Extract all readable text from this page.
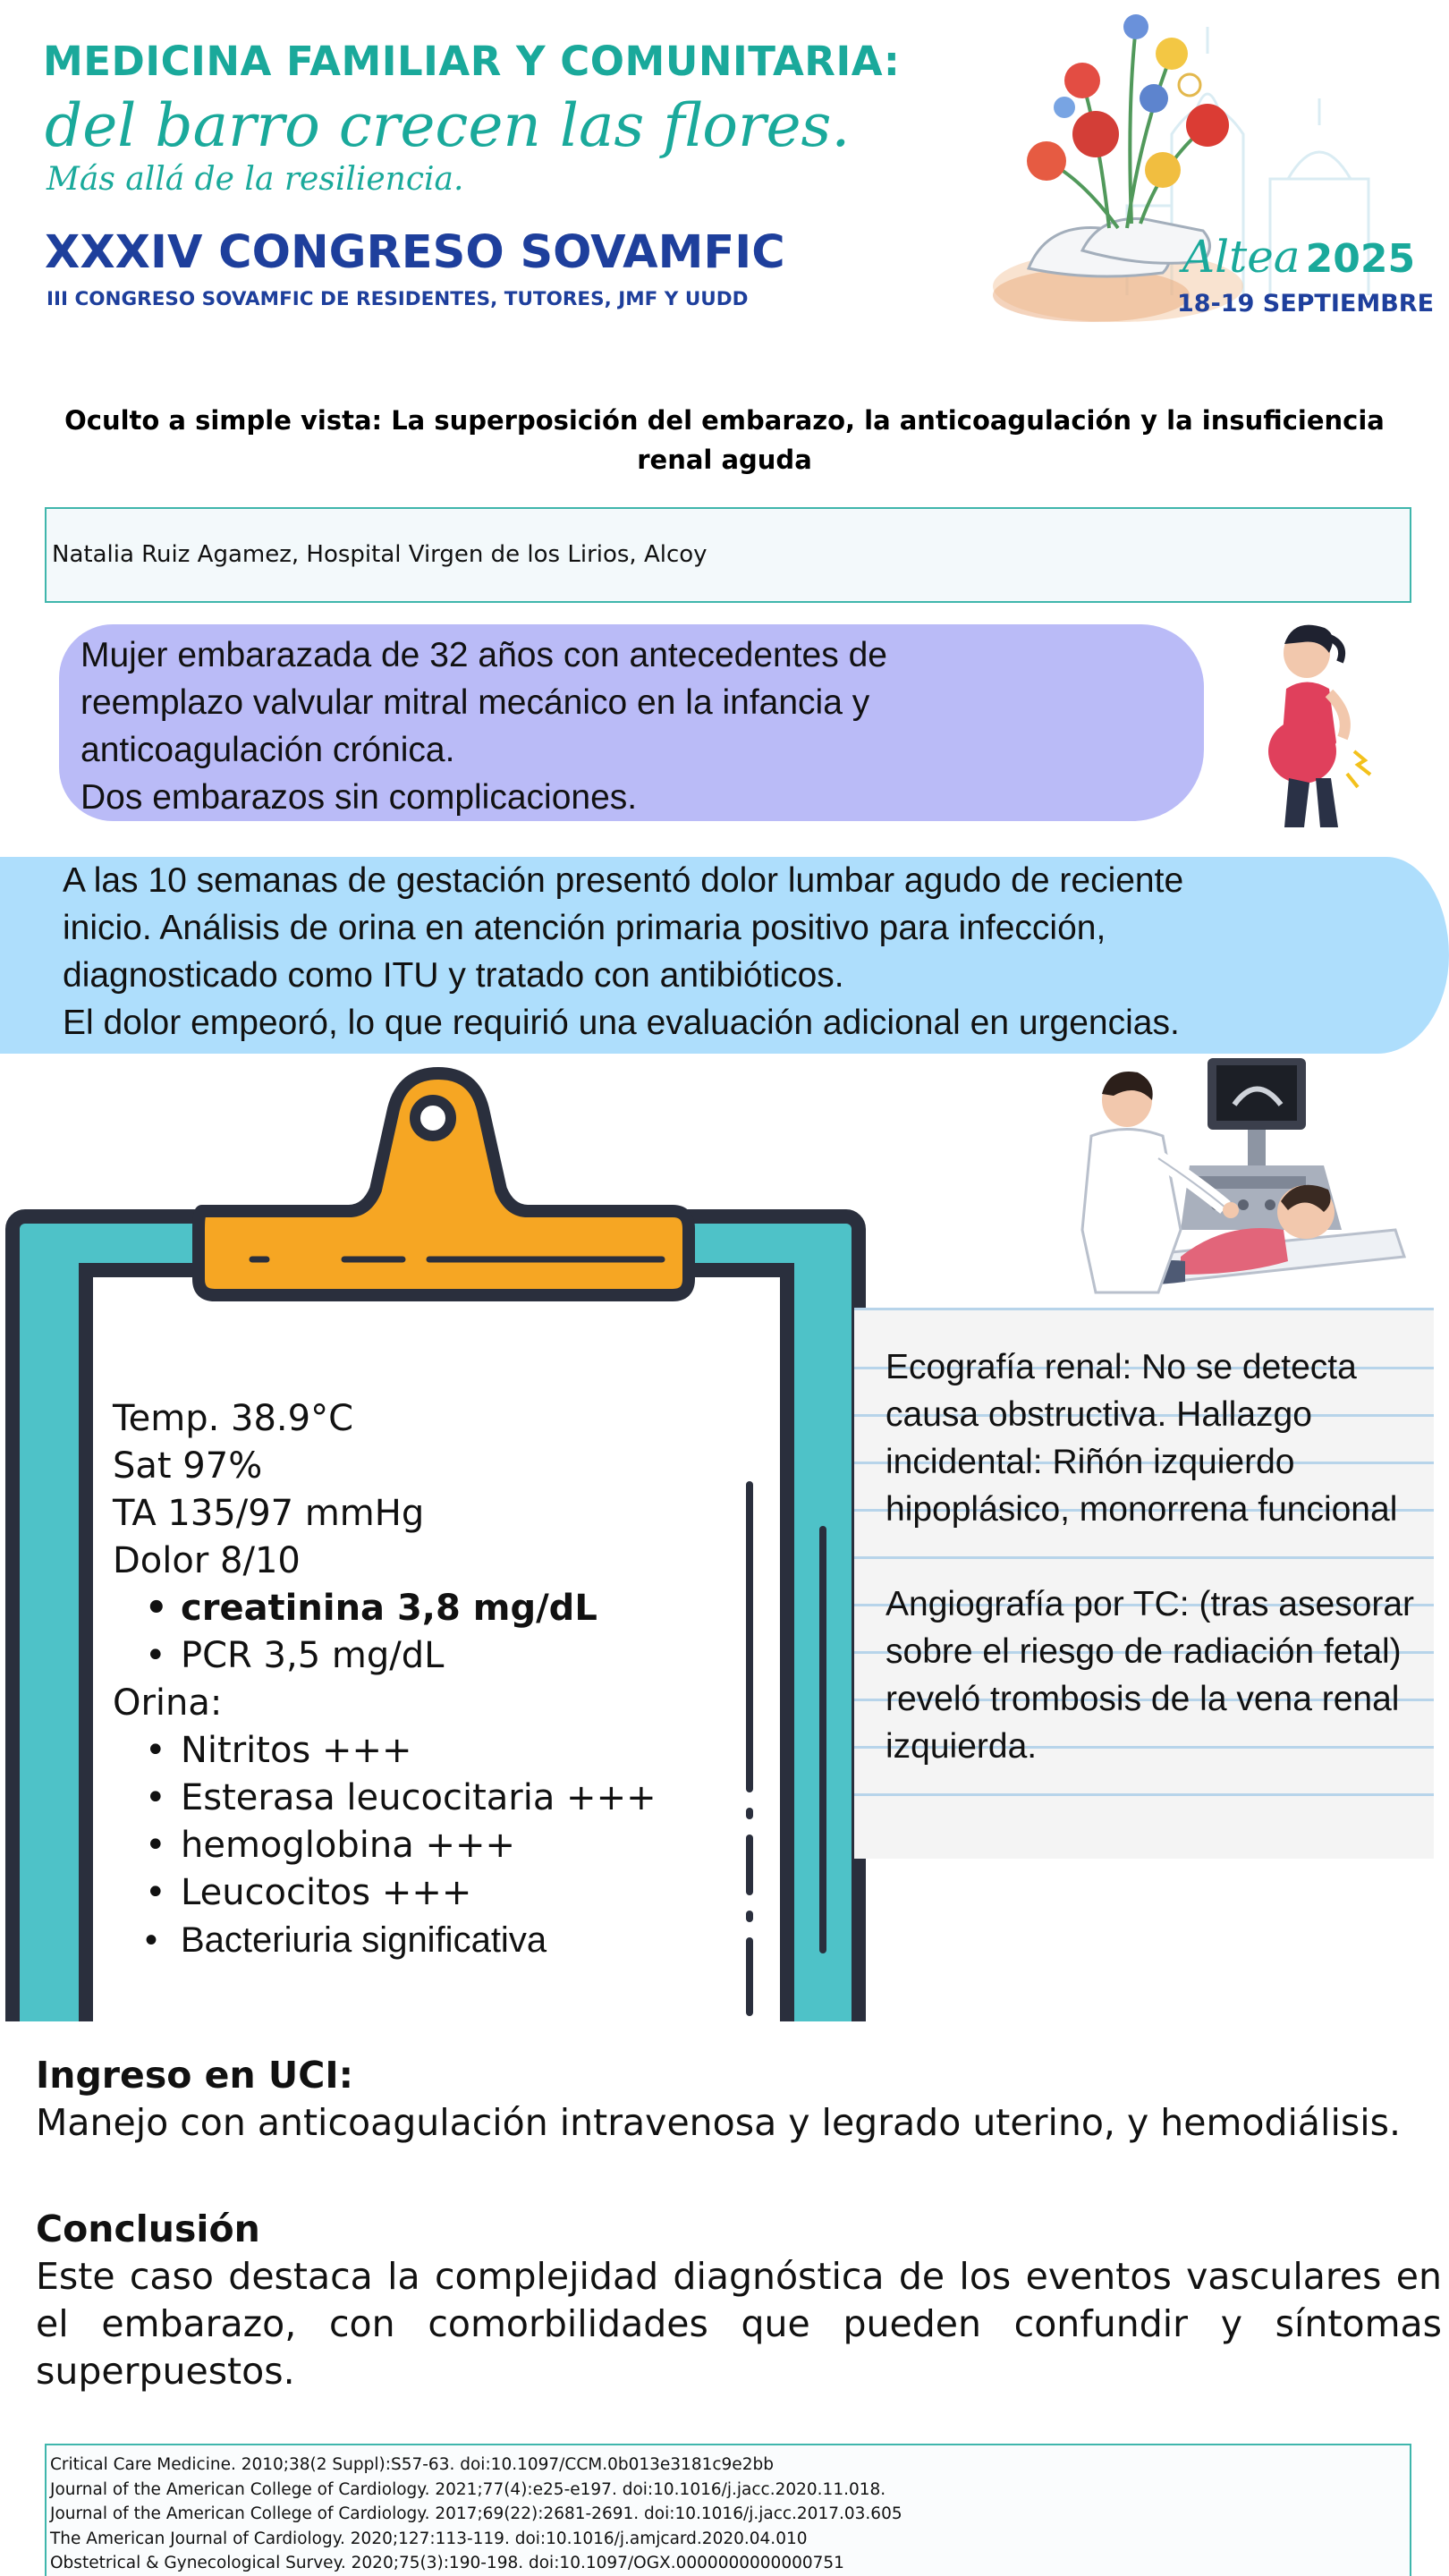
MEDICINA FAMILIAR Y COMUNITARIA:
del barro crecen las flores.
Más allá de la resiliencia.
XXXIV CONGRESO SOVAMFIC
III CONGRESO SOVAMFIC DE RESIDENTES, TUTORES, JMF Y UUDD
Altea 2025
18-19 SEPTIEMBRE
Oculto a simple vista: La superposición del embarazo, la anticoagulación y la insuficiencia renal aguda
Natalia Ruiz Agamez, Hospital Virgen de los Lirios, Alcoy

Mujer embarazada de 32 años con antecedentes de
reemplazo valvular mitral mecánico en la infancia y
anticoagulación crónica.
Dos embarazos sin complicaciones.

A las 10 semanas de gestación presentó dolor lumbar agudo de reciente
inicio. Análisis de orina en atención primaria positivo para infección,
diagnosticado como ITU y tratado con antibióticos.
El dolor empeoró, lo que requirió una evaluación adicional en urgencias.

Temp. 38.9°C
Sat 97%
TA 135/97 mmHg
Dolor 8/10
• creatinina 3,8 mg/dL
• PCR 3,5 mg/dL
Orina:
• Nitritos +++
• Esterasa leucocitaria +++
• hemoglobina +++
• Leucocitos +++
• Bacteriuria significativa

Ecografía renal: No se detecta causa obstructiva. Hallazgo incidental: Riñón izquierdo hipoplásico, monorrena funcional

Angiografía por TC: (tras asesorar sobre el riesgo de radiación fetal) reveló trombosis de la vena renal izquierda.

Ingreso en UCI:

Manejo con anticoagulación intravenosa y legrado uterino, y hemodiálisis.

Conclusión

Este caso destaca la complejidad diagnóstica de los eventos vasculares en el embarazo, con comorbilidades que pueden confundir y síntomas superpuestos.

Critical Care Medicine. 2010;38(2 Suppl):S57-63. doi:10.1097/CCM.0b013e3181c9e2bb
Journal of the American College of Cardiology. 2021;77(4):e25-e197. doi:10.1016/j.jacc.2020.11.018.
Journal of the American College of Cardiology. 2017;69(22):2681-2691. doi:10.1016/j.jacc.2017.03.605
The American Journal of Cardiology. 2020;127:113-119. doi:10.1016/j.amjcard.2020.04.010
Obstetrical & Gynecological Survey. 2020;75(3):190-198. doi:10.1097/OGX.0000000000000751
